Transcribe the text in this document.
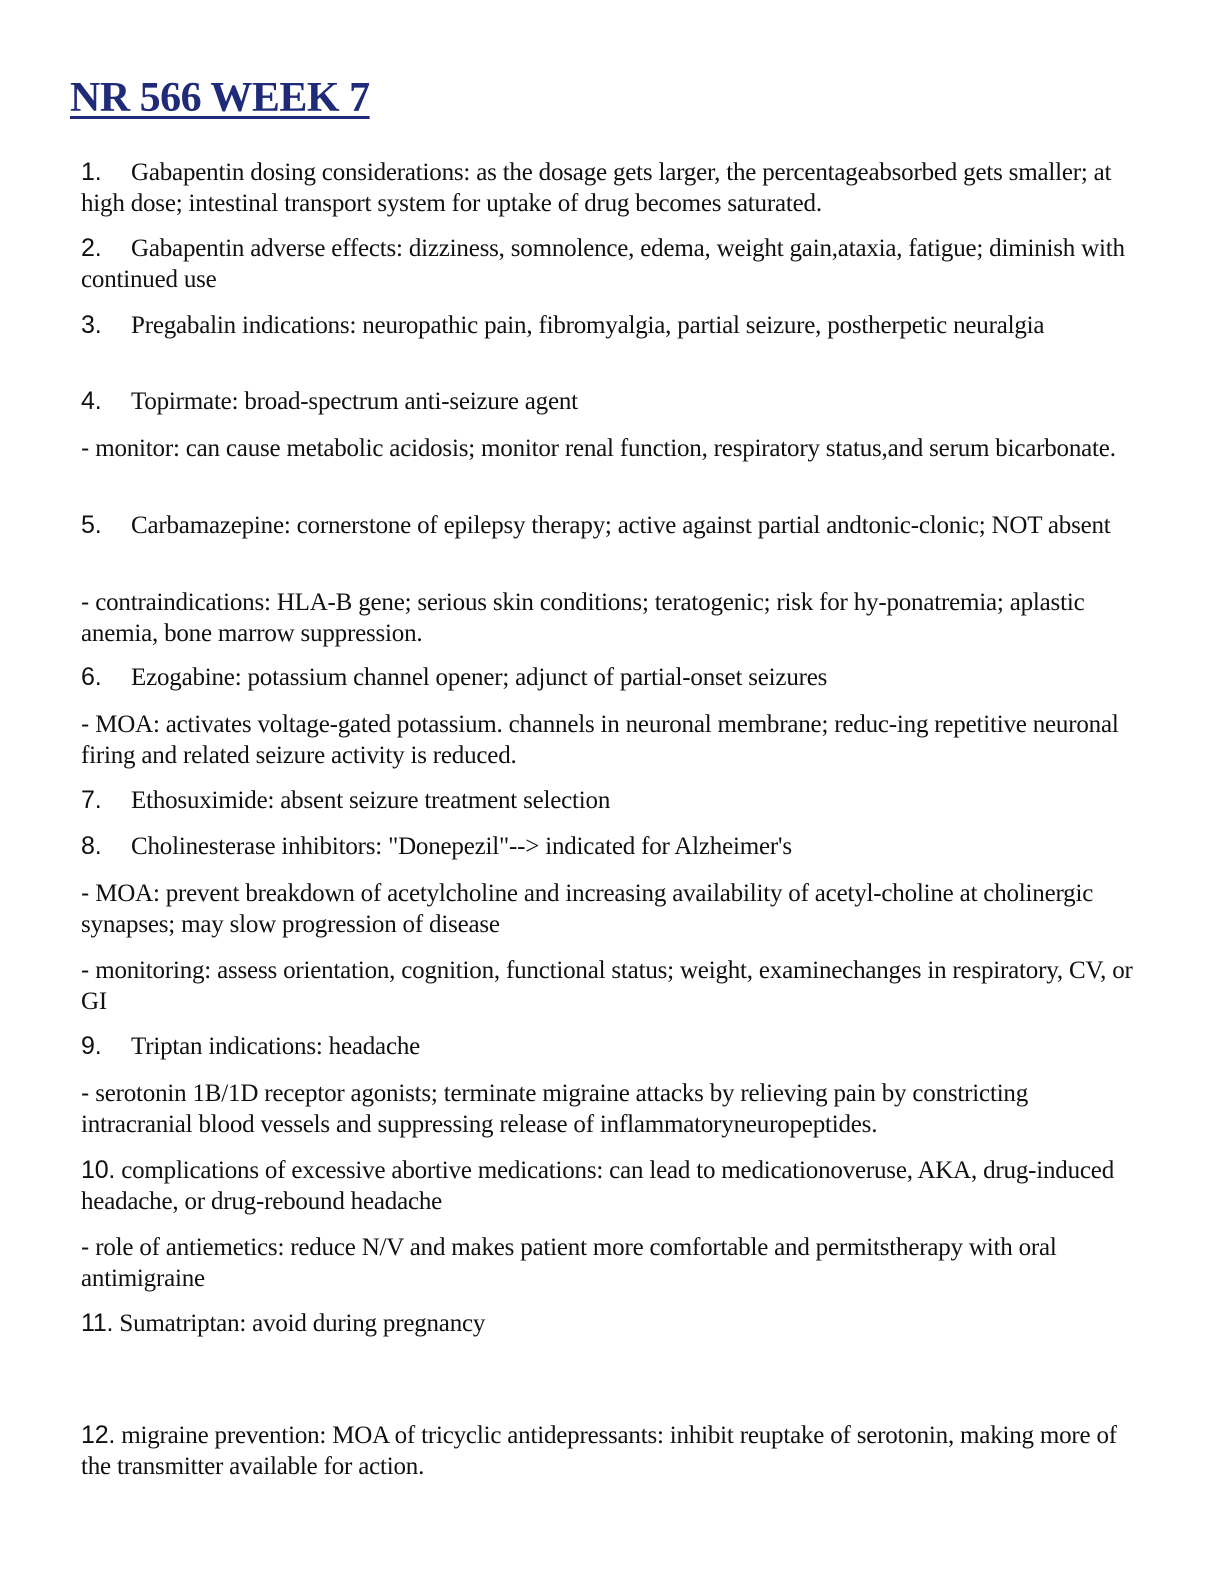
NR 566 WEEK 7

1. Gabapentin dosing considerations: as the dosage gets larger, the percentageabsorbed gets smaller; at high dose; intestinal transport system for uptake of drug becomes saturated.

2. Gabapentin adverse effects: dizziness, somnolence, edema, weight gain,ataxia, fatigue; diminish with continued use

3. Pregabalin indications: neuropathic pain, fibromyalgia, partial seizure, postherpetic neuralgia

4. Topirmate: broad-spectrum anti-seizure agent

- monitor: can cause metabolic acidosis; monitor renal function, respiratory status,and serum bicarbonate.

5. Carbamazepine: cornerstone of epilepsy therapy; active against partial andtonic-clonic; NOT absent

- contraindications: HLA-B gene; serious skin conditions; teratogenic; risk for hy-ponatremia; aplastic anemia, bone marrow suppression.

6. Ezogabine: potassium channel opener; adjunct of partial-onset seizures

- MOA: activates voltage-gated potassium. channels in neuronal membrane; reduc-ing repetitive neuronal firing and related seizure activity is reduced.

7. Ethosuximide: absent seizure treatment selection

8. Cholinesterase inhibitors: "Donepezil"--> indicated for Alzheimer's

- MOA: prevent breakdown of acetylcholine and increasing availability of acetyl-choline at cholinergic synapses; may slow progression of disease

- monitoring: assess orientation, cognition, functional status; weight, examinechanges in respiratory, CV, or GI

9. Triptan indications: headache

- serotonin 1B/1D receptor agonists; terminate migraine attacks by relieving pain by constricting intracranial blood vessels and suppressing release of inflammatoryneuropeptides.

10. complications of excessive abortive medications: can lead to medicationoveruse, AKA, drug-induced headache, or drug-rebound headache

- role of antiemetics: reduce N/V and makes patient more comfortable and permitstherapy with oral antimigraine

11. Sumatriptan: avoid during pregnancy

12. migraine prevention: MOA of tricyclic antidepressants: inhibit reuptake of serotonin, making more of the transmitter available for action.
